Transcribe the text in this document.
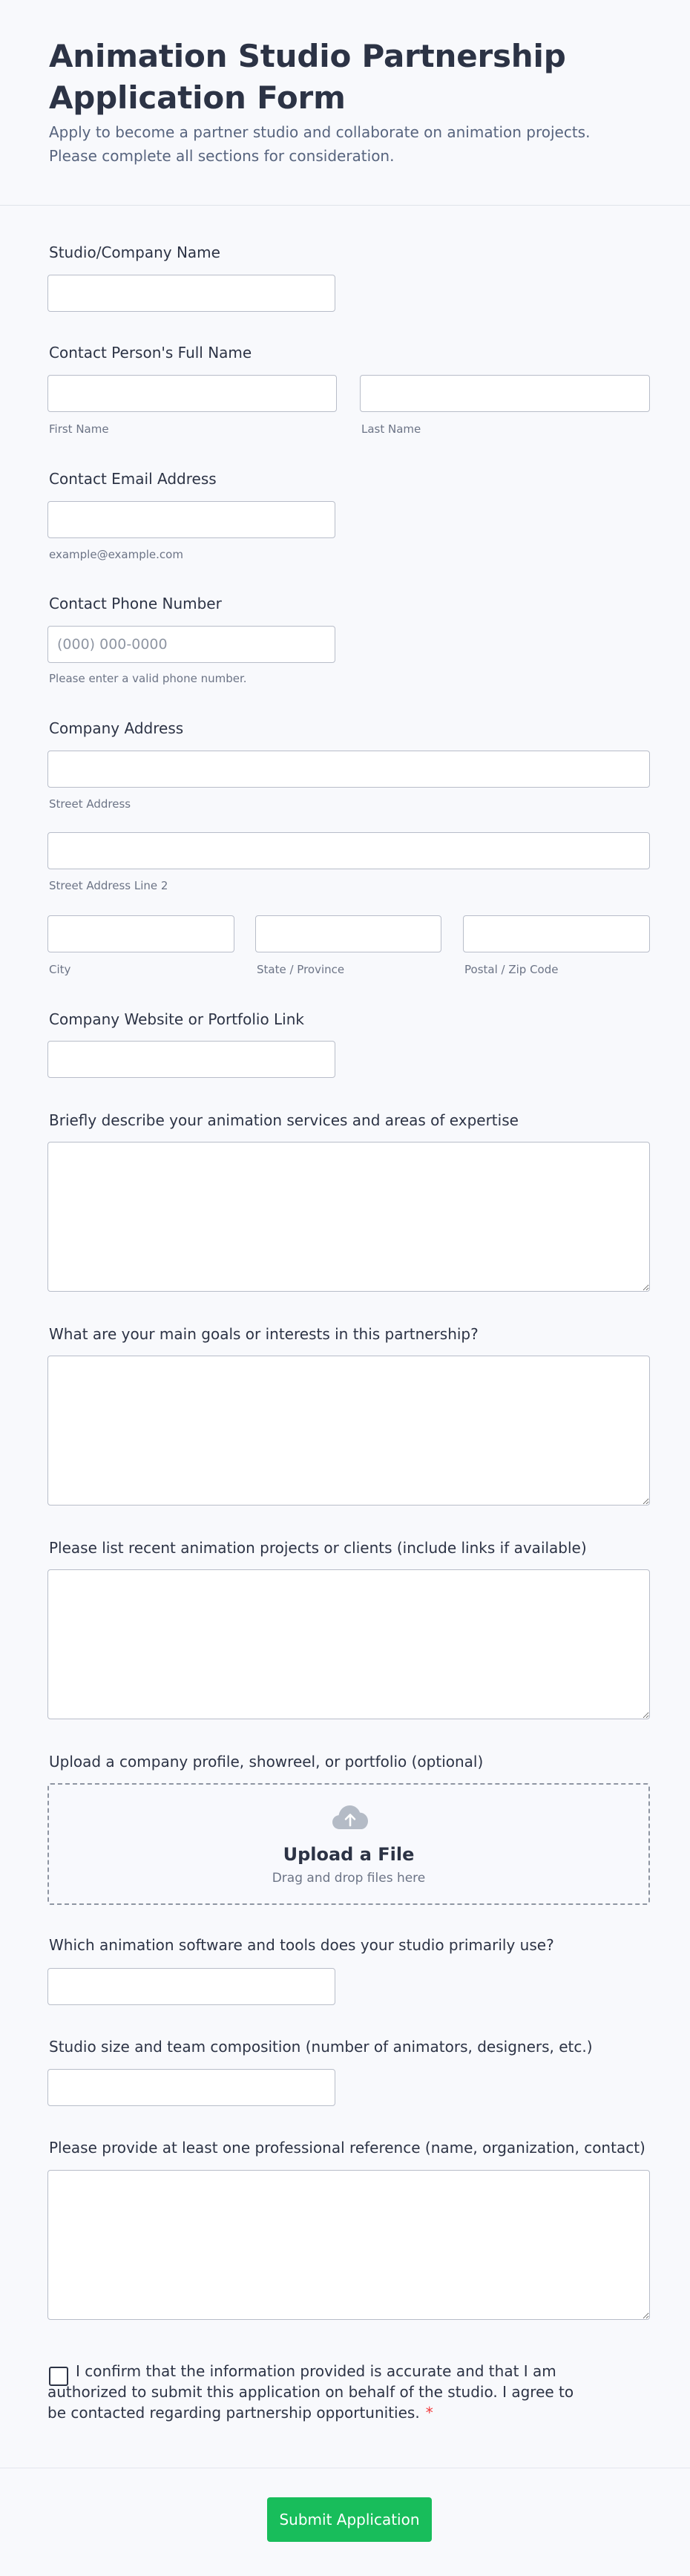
Animation Studio Partnership Application Form

Apply to become a partner studio and collaborate on animation projects. Please complete all sections for consideration.

Studio/Company Name
Contact Person's Full Name
First Name	Last Name
Contact Email Address
example@example.com
Contact Phone Number
(000) 000-0000
Please enter a valid phone number.
Company Address
Street Address
Street Address Line 2
City	State / Province	Postal / Zip Code
Company Website or Portfolio Link
Briefly describe your animation services and areas of expertise
What are your main goals or interests in this partnership?
Please list recent animation projects or clients (include links if available)
Upload a company profile, showreel, or portfolio (optional)
Upload a File
Drag and drop files here
Which animation software and tools does your studio primarily use?
Studio size and team composition (number of animators, designers, etc.)
Please provide at least one professional reference (name, organization, contact)

I confirm that the information provided is accurate and that I am authorized to submit this application on behalf of the studio. I agree to be contacted regarding partnership opportunities. *

Submit Application
